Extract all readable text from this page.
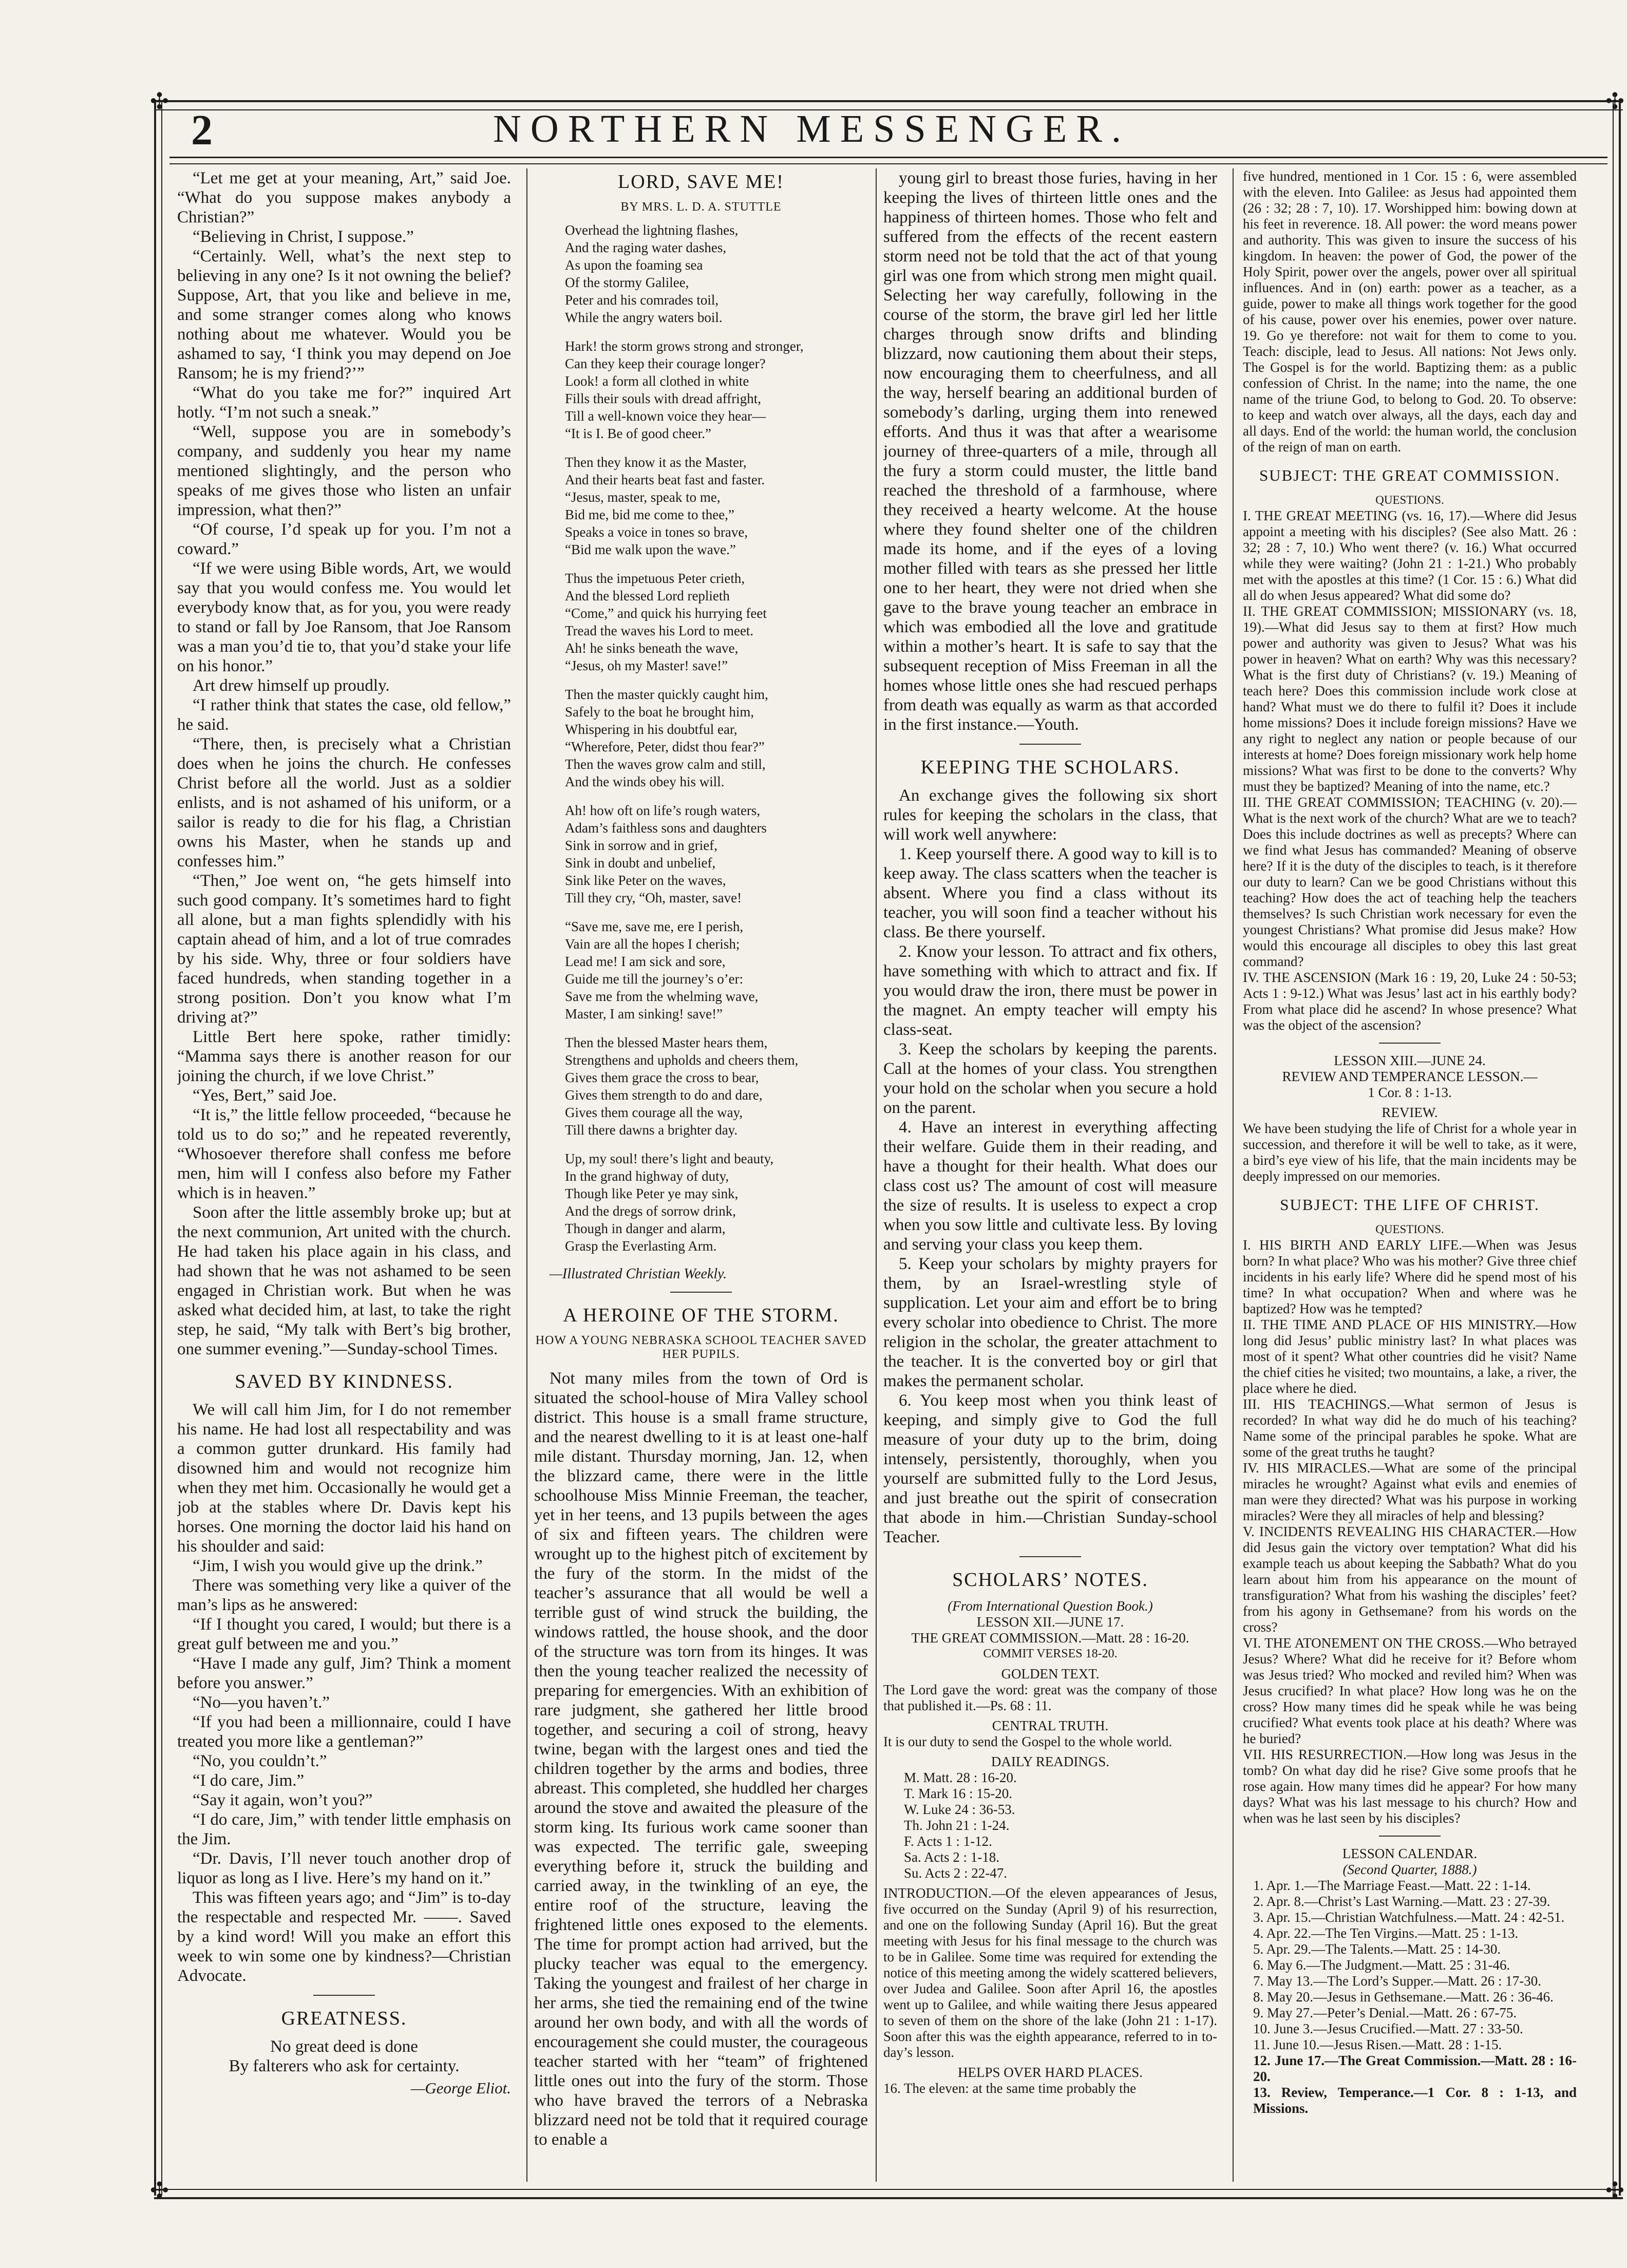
✣	✣
✣	✣
2	NORTHERN MESSENGER.

“Let me get at your meaning, Art,” said Joe. “What do you suppose makes anybody a Christian?”

“Believing in Christ, I suppose.”

“Certainly. Well, what’s the next step to believing in any one? Is it not owning the belief? Suppose, Art, that you like and believe in me, and some stranger comes along who knows nothing about me whatever. Would you be ashamed to say, ‘I think you may depend on Joe Ransom; he is my friend?’”

“What do you take me for?” inquired Art hotly. “I’m not such a sneak.”

“Well, suppose you are in somebody’s company, and suddenly you hear my name mentioned slightingly, and the person who speaks of me gives those who listen an unfair impression, what then?”

“Of course, I’d speak up for you. I’m not a coward.”

“If we were using Bible words, Art, we would say that you would confess me. You would let everybody know that, as for you, you were ready to stand or fall by Joe Ransom, that Joe Ransom was a man you’d tie to, that you’d stake your life on his honor.”

Art drew himself up proudly.

“I rather think that states the case, old fellow,” he said.

“There, then, is precisely what a Christian does when he joins the church. He confesses Christ before all the world. Just as a soldier enlists, and is not ashamed of his uniform, or a sailor is ready to die for his flag, a Christian owns his Master, when he stands up and confesses him.”

“Then,” Joe went on, “he gets himself into such good company. It’s sometimes hard to fight all alone, but a man fights splendidly with his captain ahead of him, and a lot of true comrades by his side. Why, three or four soldiers have faced hundreds, when standing together in a strong position. Don’t you know what I’m driving at?”

Little Bert here spoke, rather timidly: “Mamma says there is another reason for our joining the church, if we love Christ.”

“Yes, Bert,” said Joe.

“It is,” the little fellow proceeded, “because he told us to do so;” and he repeated reverently, “Whosoever therefore shall confess me before men, him will I confess also before my Father which is in heaven.”

Soon after the little assembly broke up; but at the next communion, Art united with the church. He had taken his place again in his class, and had shown that he was not ashamed to be seen engaged in Christian work. But when he was asked what decided him, at last, to take the right step, he said, “My talk with Bert’s big brother, one summer evening.”—Sunday-school Times.

SAVED BY KINDNESS.

We will call him Jim, for I do not remember his name. He had lost all respectability and was a common gutter drunkard. His family had disowned him and would not recognize him when they met him. Occasionally he would get a job at the stables where Dr. Davis kept his horses. One morning the doctor laid his hand on his shoulder and said:

“Jim, I wish you would give up the drink.”

There was something very like a quiver of the man’s lips as he answered:

“If I thought you cared, I would; but there is a great gulf between me and you.”

“Have I made any gulf, Jim? Think a moment before you answer.”

“No—you haven’t.”

“If you had been a millionnaire, could I have treated you more like a gentleman?”

“No, you couldn’t.”

“I do care, Jim.”

“Say it again, won’t you?”

“I do care, Jim,” with tender little emphasis on the Jim.

“Dr. Davis, I’ll never touch another drop of liquor as long as I live. Here’s my hand on it.”

This was fifteen years ago; and “Jim” is to-day the respectable and respected Mr. ——. Saved by a kind word! Will you make an effort this week to win some one by kindness?—Christian Advocate.

GREATNESS.

No great deed is done

By falterers who ask for certainty.

—George Eliot.

LORD, SAVE ME!
BY MRS. L. D. A. STUTTLE
Overhead the lightning flashes,
And the raging water dashes,
As upon the foaming sea
Of the stormy Galilee,
Peter and his comrades toil,
While the angry waters boil.
Hark! the storm grows strong and stronger,
Can they keep their courage longer?
Look! a form all clothed in white
Fills their souls with dread affright,
Till a well-known voice they hear—
“It is I. Be of good cheer.”
Then they know it as the Master,
And their hearts beat fast and faster.
“Jesus, master, speak to me,
Bid me, bid me come to thee,”
Speaks a voice in tones so brave,
“Bid me walk upon the wave.”
Thus the impetuous Peter crieth,
And the blessed Lord replieth
“Come,” and quick his hurrying feet
Tread the waves his Lord to meet.
Ah! he sinks beneath the wave,
“Jesus, oh my Master! save!”
Then the master quickly caught him,
Safely to the boat he brought him,
Whispering in his doubtful ear,
“Wherefore, Peter, didst thou fear?”
Then the waves grow calm and still,
And the winds obey his will.
Ah! how oft on life’s rough waters,
Adam’s faithless sons and daughters
Sink in sorrow and in grief,
Sink in doubt and unbelief,
Sink like Peter on the waves,
Till they cry, “Oh, master, save!
“Save me, save me, ere I perish,
Vain are all the hopes I cherish;
Lead me! I am sick and sore,
Guide me till the journey’s o’er:
Save me from the whelming wave,
Master, I am sinking! save!”
Then the blessed Master hears them,
Strengthens and upholds and cheers them,
Gives them grace the cross to bear,
Gives them strength to do and dare,
Gives them courage all the way,
Till there dawns a brighter day.
Up, my soul! there’s light and beauty,
In the grand highway of duty,
Though like Peter ye may sink,
And the dregs of sorrow drink,
Though in danger and alarm,
Grasp the Everlasting Arm.

—Illustrated Christian Weekly.

A HEROINE OF THE STORM.
HOW A YOUNG NEBRASKA SCHOOL TEACHER SAVED HER PUPILS.

Not many miles from the town of Ord is situated the school-house of Mira Valley school district. This house is a small frame structure, and the nearest dwelling to it is at least one-half mile distant. Thursday morning, Jan. 12, when the blizzard came, there were in the little schoolhouse Miss Minnie Freeman, the teacher, yet in her teens, and 13 pupils between the ages of six and fifteen years. The children were wrought up to the highest pitch of excitement by the fury of the storm. In the midst of the teacher’s assurance that all would be well a terrible gust of wind struck the building, the windows rattled, the house shook, and the door of the structure was torn from its hinges. It was then the young teacher realized the necessity of preparing for emergencies. With an exhibition of rare judgment, she gathered her little brood together, and securing a coil of strong, heavy twine, began with the largest ones and tied the children together by the arms and bodies, three abreast. This completed, she huddled her charges around the stove and awaited the pleasure of the storm king. Its furious work came sooner than was expected. The terrific gale, sweeping everything before it, struck the building and carried away, in the twinkling of an eye, the entire roof of the structure, leaving the frightened little ones exposed to the elements. The time for prompt action had arrived, but the plucky teacher was equal to the emergency. Taking the youngest and frailest of her charge in her arms, she tied the remaining end of the twine around her own body, and with all the words of encouragement she could muster, the courageous teacher started with her “team” of frightened little ones out into the fury of the storm. Those who have braved the terrors of a Nebraska blizzard need not be told that it required courage to enable a

young girl to breast those furies, having in her keeping the lives of thirteen little ones and the happiness of thirteen homes. Those who felt and suffered from the effects of the recent eastern storm need not be told that the act of that young girl was one from which strong men might quail. Selecting her way carefully, following in the course of the storm, the brave girl led her little charges through snow drifts and blinding blizzard, now cautioning them about their steps, now encouraging them to cheerfulness, and all the way, herself bearing an additional burden of somebody’s darling, urging them into renewed efforts. And thus it was that after a wearisome journey of three-quarters of a mile, through all the fury a storm could muster, the little band reached the threshold of a farmhouse, where they received a hearty welcome. At the house where they found shelter one of the children made its home, and if the eyes of a loving mother filled with tears as she pressed her little one to her heart, they were not dried when she gave to the brave young teacher an embrace in which was embodied all the love and gratitude within a mother’s heart. It is safe to say that the subsequent reception of Miss Freeman in all the homes whose little ones she had rescued perhaps from death was equally as warm as that accorded in the first instance.—Youth.

KEEPING THE SCHOLARS.

An exchange gives the following six short rules for keeping the scholars in the class, that will work well anywhere:

1. Keep yourself there. A good way to kill is to keep away. The class scatters when the teacher is absent. Where you find a class without its teacher, you will soon find a teacher without his class. Be there yourself.

2. Know your lesson. To attract and fix others, have something with which to attract and fix. If you would draw the iron, there must be power in the magnet. An empty teacher will empty his class-seat.

3. Keep the scholars by keeping the parents. Call at the homes of your class. You strengthen your hold on the scholar when you secure a hold on the parent.

4. Have an interest in everything affecting their welfare. Guide them in their reading, and have a thought for their health. What does our class cost us? The amount of cost will measure the size of results. It is useless to expect a crop when you sow little and cultivate less. By loving and serving your class you keep them.

5. Keep your scholars by mighty prayers for them, by an Israel-wrestling style of supplication. Let your aim and effort be to bring every scholar into obedience to Christ. The more religion in the scholar, the greater attachment to the teacher. It is the converted boy or girl that makes the permanent scholar.

6. You keep most when you think least of keeping, and simply give to God the full measure of your duty up to the brim, doing intensely, persistently, thoroughly, when you yourself are submitted fully to the Lord Jesus, and just breathe out the spirit of consecration that abode in him.—Christian Sunday-school Teacher.

SCHOLARS’ NOTES.

(From International Question Book.)

LESSON XII.—JUNE 17.

THE GREAT COMMISSION.—Matt. 28 : 16-20.

COMMIT VERSES 18-20.

GOLDEN TEXT.

The Lord gave the word: great was the company of those that published it.—Ps. 68 : 11.

CENTRAL TRUTH.

It is our duty to send the Gospel to the whole world.

DAILY READINGS.

M. Matt. 28 : 16-20.
T. Mark 16 : 15-20.
W. Luke 24 : 36-53.
Th. John 21 : 1-24.
F. Acts 1 : 1-12.
Sa. Acts 2 : 1-18.
Su. Acts 2 : 22-47.

INTRODUCTION.—Of the eleven appearances of Jesus, five occurred on the Sunday (April 9) of his resurrection, and one on the following Sunday (April 16). But the great meeting with Jesus for his final message to the church was to be in Galilee. Some time was required for extending the notice of this meeting among the widely scattered believers, over Judea and Galilee. Soon after April 16, the apostles went up to Galilee, and while waiting there Jesus appeared to seven of them on the shore of the lake (John 21 : 1-17). Soon after this was the eighth appearance, referred to in to-day’s lesson.

HELPS OVER HARD PLACES.

16. The eleven: at the same time probably the

five hundred, mentioned in 1 Cor. 15 : 6, were assembled with the eleven. Into Galilee: as Jesus had appointed them (26 : 32; 28 : 7, 10). 17. Worshipped him: bowing down at his feet in reverence. 18. All power: the word means power and authority. This was given to insure the success of his kingdom. In heaven: the power of God, the power of the Holy Spirit, power over the angels, power over all spiritual influences. And in (on) earth: power as a teacher, as a guide, power to make all things work together for the good of his cause, power over his enemies, power over nature. 19. Go ye therefore: not wait for them to come to you. Teach: disciple, lead to Jesus. All nations: Not Jews only. The Gospel is for the world. Baptizing them: as a public confession of Christ. In the name; into the name, the one name of the triune God, to belong to God. 20. To observe: to keep and watch over always, all the days, each day and all days. End of the world: the human world, the conclusion of the reign of man on earth.

SUBJECT: THE GREAT COMMISSION.

QUESTIONS.

I. THE GREAT MEETING (vs. 16, 17).—Where did Jesus appoint a meeting with his disciples? (See also Matt. 26 : 32; 28 : 7, 10.) Who went there? (v. 16.) What occurred while they were waiting? (John 21 : 1-21.) Who probably met with the apostles at this time? (1 Cor. 15 : 6.) What did all do when Jesus appeared? What did some do?

II. THE GREAT COMMISSION; MISSIONARY (vs. 18, 19).—What did Jesus say to them at first? How much power and authority was given to Jesus? What was his power in heaven? What on earth? Why was this necessary? What is the first duty of Christians? (v. 19.) Meaning of teach here? Does this commission include work close at hand? What must we do there to fulfil it? Does it include home missions? Does it include foreign missions? Have we any right to neglect any nation or people because of our interests at home? Does foreign missionary work help home missions? What was first to be done to the converts? Why must they be baptized? Meaning of into the name, etc.?

III. THE GREAT COMMISSION; TEACHING (v. 20).—What is the next work of the church? What are we to teach? Does this include doctrines as well as precepts? Where can we find what Jesus has commanded? Meaning of observe here? If it is the duty of the disciples to teach, is it therefore our duty to learn? Can we be good Christians without this teaching? How does the act of teaching help the teachers themselves? Is such Christian work necessary for even the youngest Christians? What promise did Jesus make? How would this encourage all disciples to obey this last great command?

IV. THE ASCENSION (Mark 16 : 19, 20, Luke 24 : 50-53; Acts 1 : 9-12.) What was Jesus’ last act in his earthly body? From what place did he ascend? In whose presence? What was the object of the ascension?

LESSON XIII.—JUNE 24.

REVIEW AND TEMPERANCE LESSON.—

1 Cor. 8 : 1-13.

REVIEW.

We have been studying the life of Christ for a whole year in succession, and therefore it will be well to take, as it were, a bird’s eye view of his life, that the main incidents may be deeply impressed on our memories.

SUBJECT: THE LIFE OF CHRIST.

QUESTIONS.

I. HIS BIRTH AND EARLY LIFE.—When was Jesus born? In what place? Who was his mother? Give three chief incidents in his early life? Where did he spend most of his time? In what occupation? When and where was he baptized? How was he tempted?

II. THE TIME AND PLACE OF HIS MINISTRY.—How long did Jesus’ public ministry last? In what places was most of it spent? What other countries did he visit? Name the chief cities he visited; two mountains, a lake, a river, the place where he died.

III. HIS TEACHINGS.—What sermon of Jesus is recorded? In what way did he do much of his teaching? Name some of the principal parables he spoke. What are some of the great truths he taught?

IV. HIS MIRACLES.—What are some of the principal miracles he wrought? Against what evils and enemies of man were they directed? What was his purpose in working miracles? Were they all miracles of help and blessing?

V. INCIDENTS REVEALING HIS CHARACTER.—How did Jesus gain the victory over temptation? What did his example teach us about keeping the Sabbath? What do you learn about him from his appearance on the mount of transfiguration? What from his washing the disciples’ feet? from his agony in Gethsemane? from his words on the cross?

VI. THE ATONEMENT ON THE CROSS.—Who betrayed Jesus? Where? What did he receive for it? Before whom was Jesus tried? Who mocked and reviled him? When was Jesus crucified? In what place? How long was he on the cross? How many times did he speak while he was being crucified? What events took place at his death? Where was he buried?

VII. HIS RESURRECTION.—How long was Jesus in the tomb? On what day did he rise? Give some proofs that he rose again. How many times did he appear? For how many days? What was his last message to his church? How and when was he last seen by his disciples?

LESSON CALENDAR.

(Second Quarter, 1888.)

1. Apr. 1.—The Marriage Feast.—Matt. 22 : 1-14.
2. Apr. 8.—Christ’s Last Warning.—Matt. 23 : 27-39.
3. Apr. 15.—Christian Watchfulness.—Matt. 24 : 42-51.
4. Apr. 22.—The Ten Virgins.—Matt. 25 : 1-13.
5. Apr. 29.—The Talents.—Matt. 25 : 14-30.
6. May 6.—The Judgment.—Matt. 25 : 31-46.
7. May 13.—The Lord’s Supper.—Matt. 26 : 17-30.
8. May 20.—Jesus in Gethsemane.—Matt. 26 : 36-46.
9. May 27.—Peter’s Denial.—Matt. 26 : 67-75.
10. June 3.—Jesus Crucified.—Matt. 27 : 33-50.
11. June 10.—Jesus Risen.—Matt. 28 : 1-15.
12. June 17.—The Great Commission.—Matt. 28 : 16-20.
13. Review, Temperance.—1 Cor. 8 : 1-13, and Missions.
